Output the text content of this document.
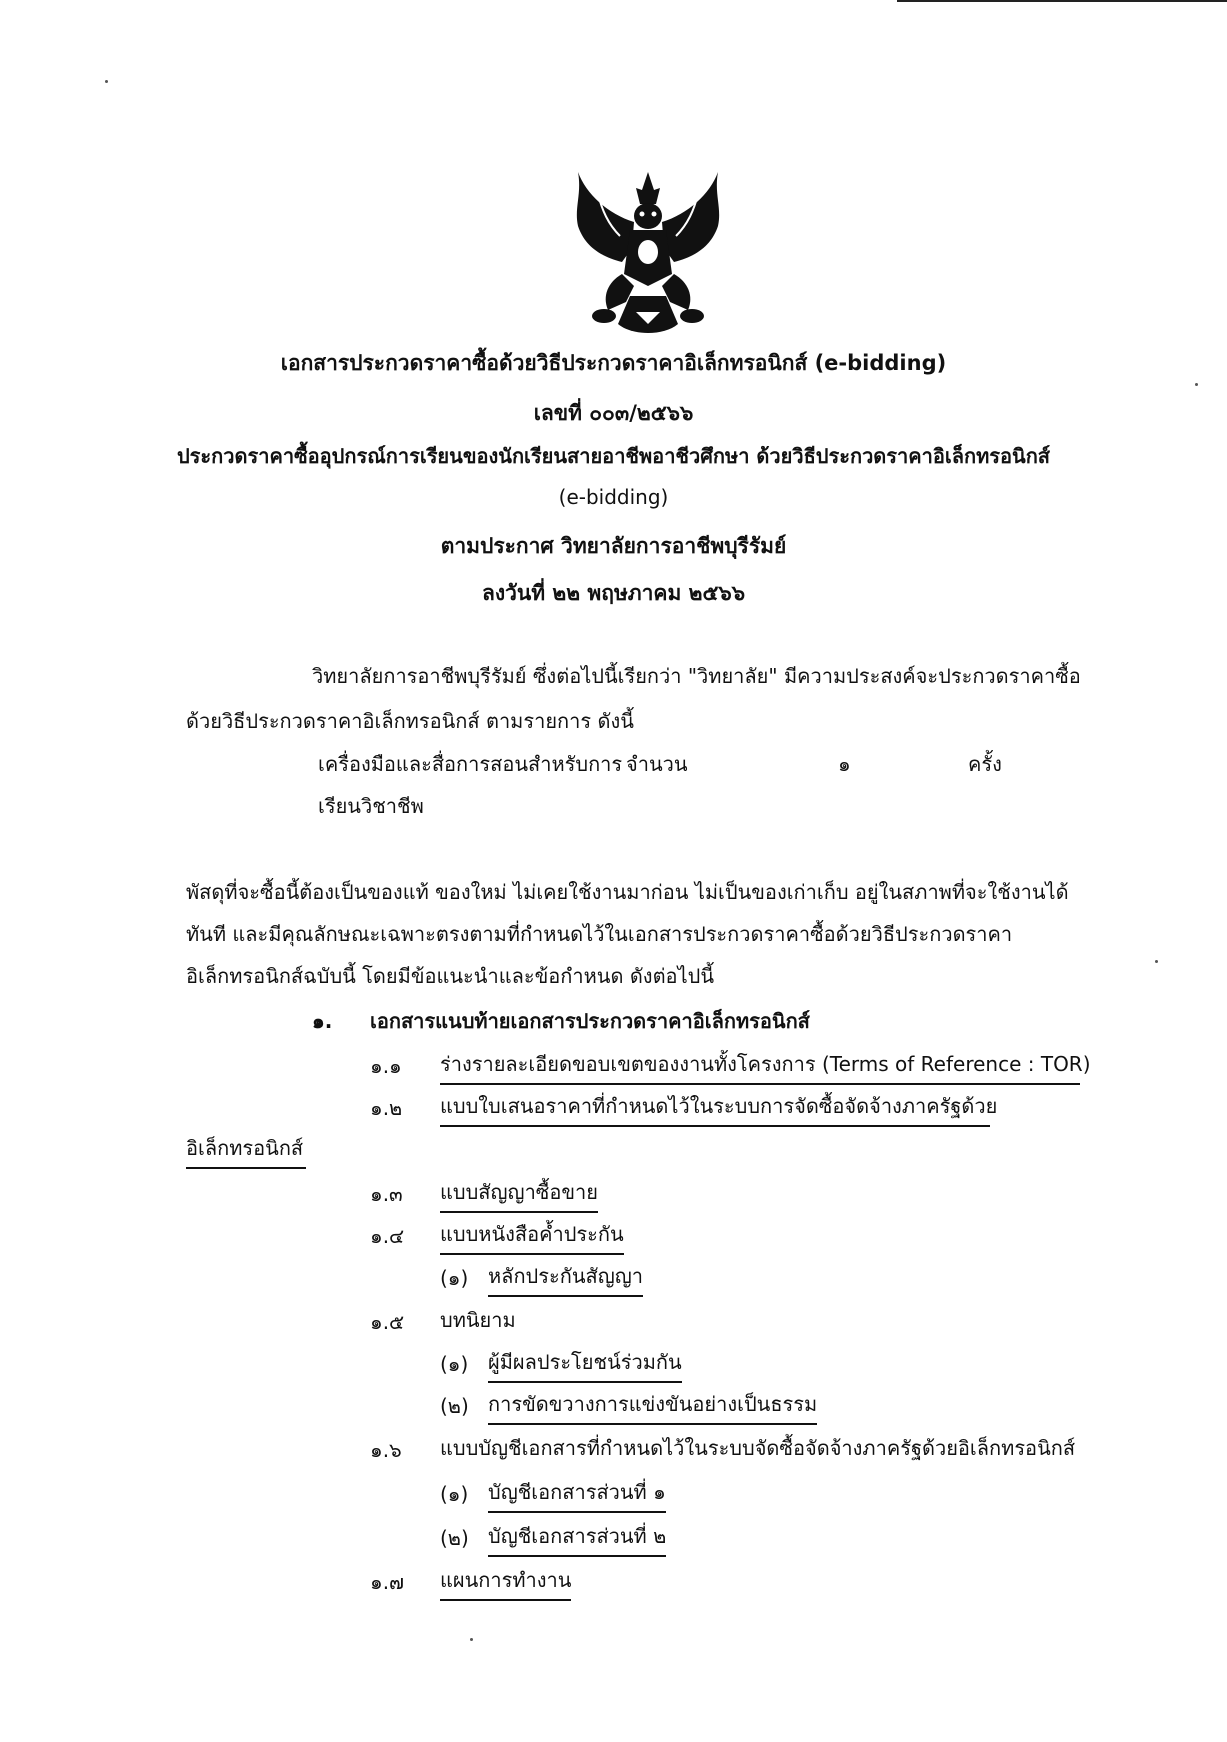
เอกสารประกวดราคาซื้อด้วยวิธีประกวดราคาอิเล็กทรอนิกส์ (e-bidding)
เลขที่ ๐๐๓/๒๕๖๖
ประกวดราคาซื้ออุปกรณ์การเรียนของนักเรียนสายอาชีพอาชีวศึกษา ด้วยวิธีประกวดราคาอิเล็กทรอนิกส์
(e-bidding)
ตามประกาศ วิทยาลัยการอาชีพบุรีรัมย์
ลงวันที่ ๒๒ พฤษภาคม ๒๕๖๖
วิทยาลัยการอาชีพบุรีรัมย์ ซึ่งต่อไปนี้เรียกว่า "วิทยาลัย" มีความประสงค์จะประกวดราคาซื้อ
ด้วยวิธีประกวดราคาอิเล็กทรอนิกส์ ตามรายการ ดังนี้
เครื่องมือและสื่อการสอนสำหรับการ จำนวน	๑	ครั้ง
เรียนวิชาชีพ
พัสดุที่จะซื้อนี้ต้องเป็นของแท้ ของใหม่ ไม่เคยใช้งานมาก่อน ไม่เป็นของเก่าเก็บ อยู่ในสภาพที่จะใช้งานได้
ทันที และมีคุณลักษณะเฉพาะตรงตามที่กำหนดไว้ในเอกสารประกวดราคาซื้อด้วยวิธีประกวดราคา
อิเล็กทรอนิกส์ฉบับนี้ โดยมีข้อแนะนำและข้อกำหนด ดังต่อไปนี้
๑. เอกสารแนบท้ายเอกสารประกวดราคาอิเล็กทรอนิกส์
๑.๑ ร่างรายละเอียดขอบเขตของงานทั้งโครงการ (Terms of Reference : TOR)
๑.๒ แบบใบเสนอราคาที่กำหนดไว้ในระบบการจัดซื้อจัดจ้างภาครัฐด้วย
อิเล็กทรอนิกส์
๑.๓ แบบสัญญาซื้อขาย
๑.๔ แบบหนังสือค้ำประกัน
(๑) หลักประกันสัญญา
๑.๕ บทนิยาม
(๑) ผู้มีผลประโยชน์ร่วมกัน
(๒) การขัดขวางการแข่งขันอย่างเป็นธรรม
๑.๖ แบบบัญชีเอกสารที่กำหนดไว้ในระบบจัดซื้อจัดจ้างภาครัฐด้วยอิเล็กทรอนิกส์
(๑) บัญชีเอกสารส่วนที่ ๑
(๒) บัญชีเอกสารส่วนที่ ๒
๑.๗ แผนการทำงาน
